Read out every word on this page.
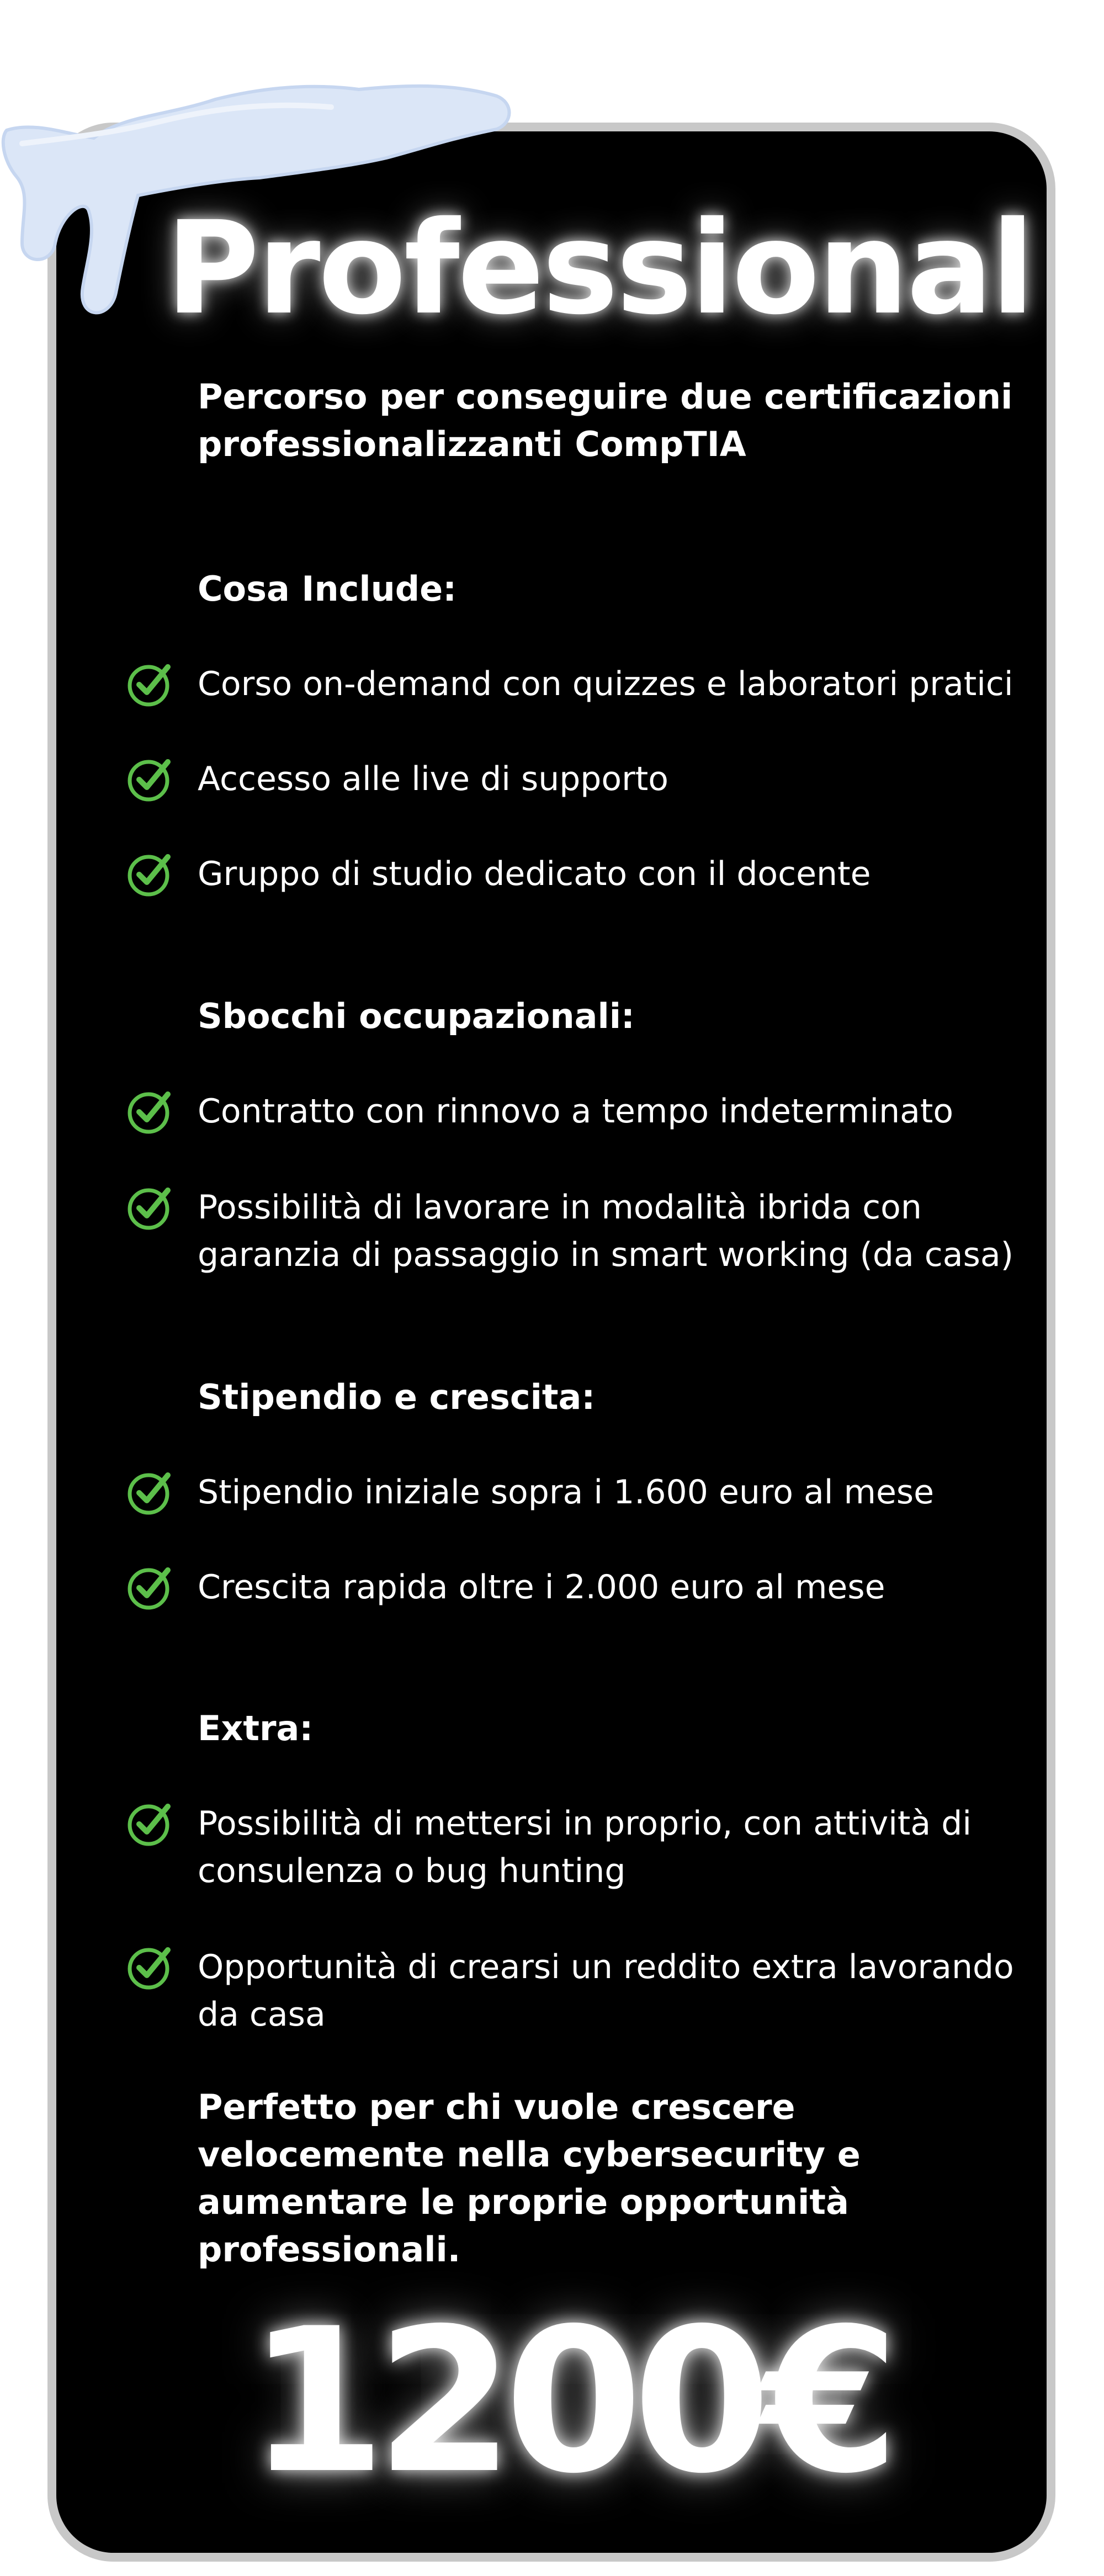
Professional
Percorso per conseguire due certificazioni professionalizzanti CompTIA
Cosa Include:
Corso on-demand con quizzes e laboratori pratici
Accesso alle live di supporto
Gruppo di studio dedicato con il docente
Sbocchi occupazionali:
Contratto con rinnovo a tempo indeterminato
Possibilità di lavorare in modalità ibrida con garanzia di passaggio in smart working (da casa)
Stipendio e crescita:
Stipendio iniziale sopra i 1.600 euro al mese
Crescita rapida oltre i 2.000 euro al mese
Extra:
Possibilità di mettersi in proprio, con attività di consulenza o bug hunting
Opportunità di crearsi un reddito extra lavorando da casa
Perfetto per chi vuole crescere velocemente nella cybersecurity e aumentare le proprie opportunità professionali.
1200€
